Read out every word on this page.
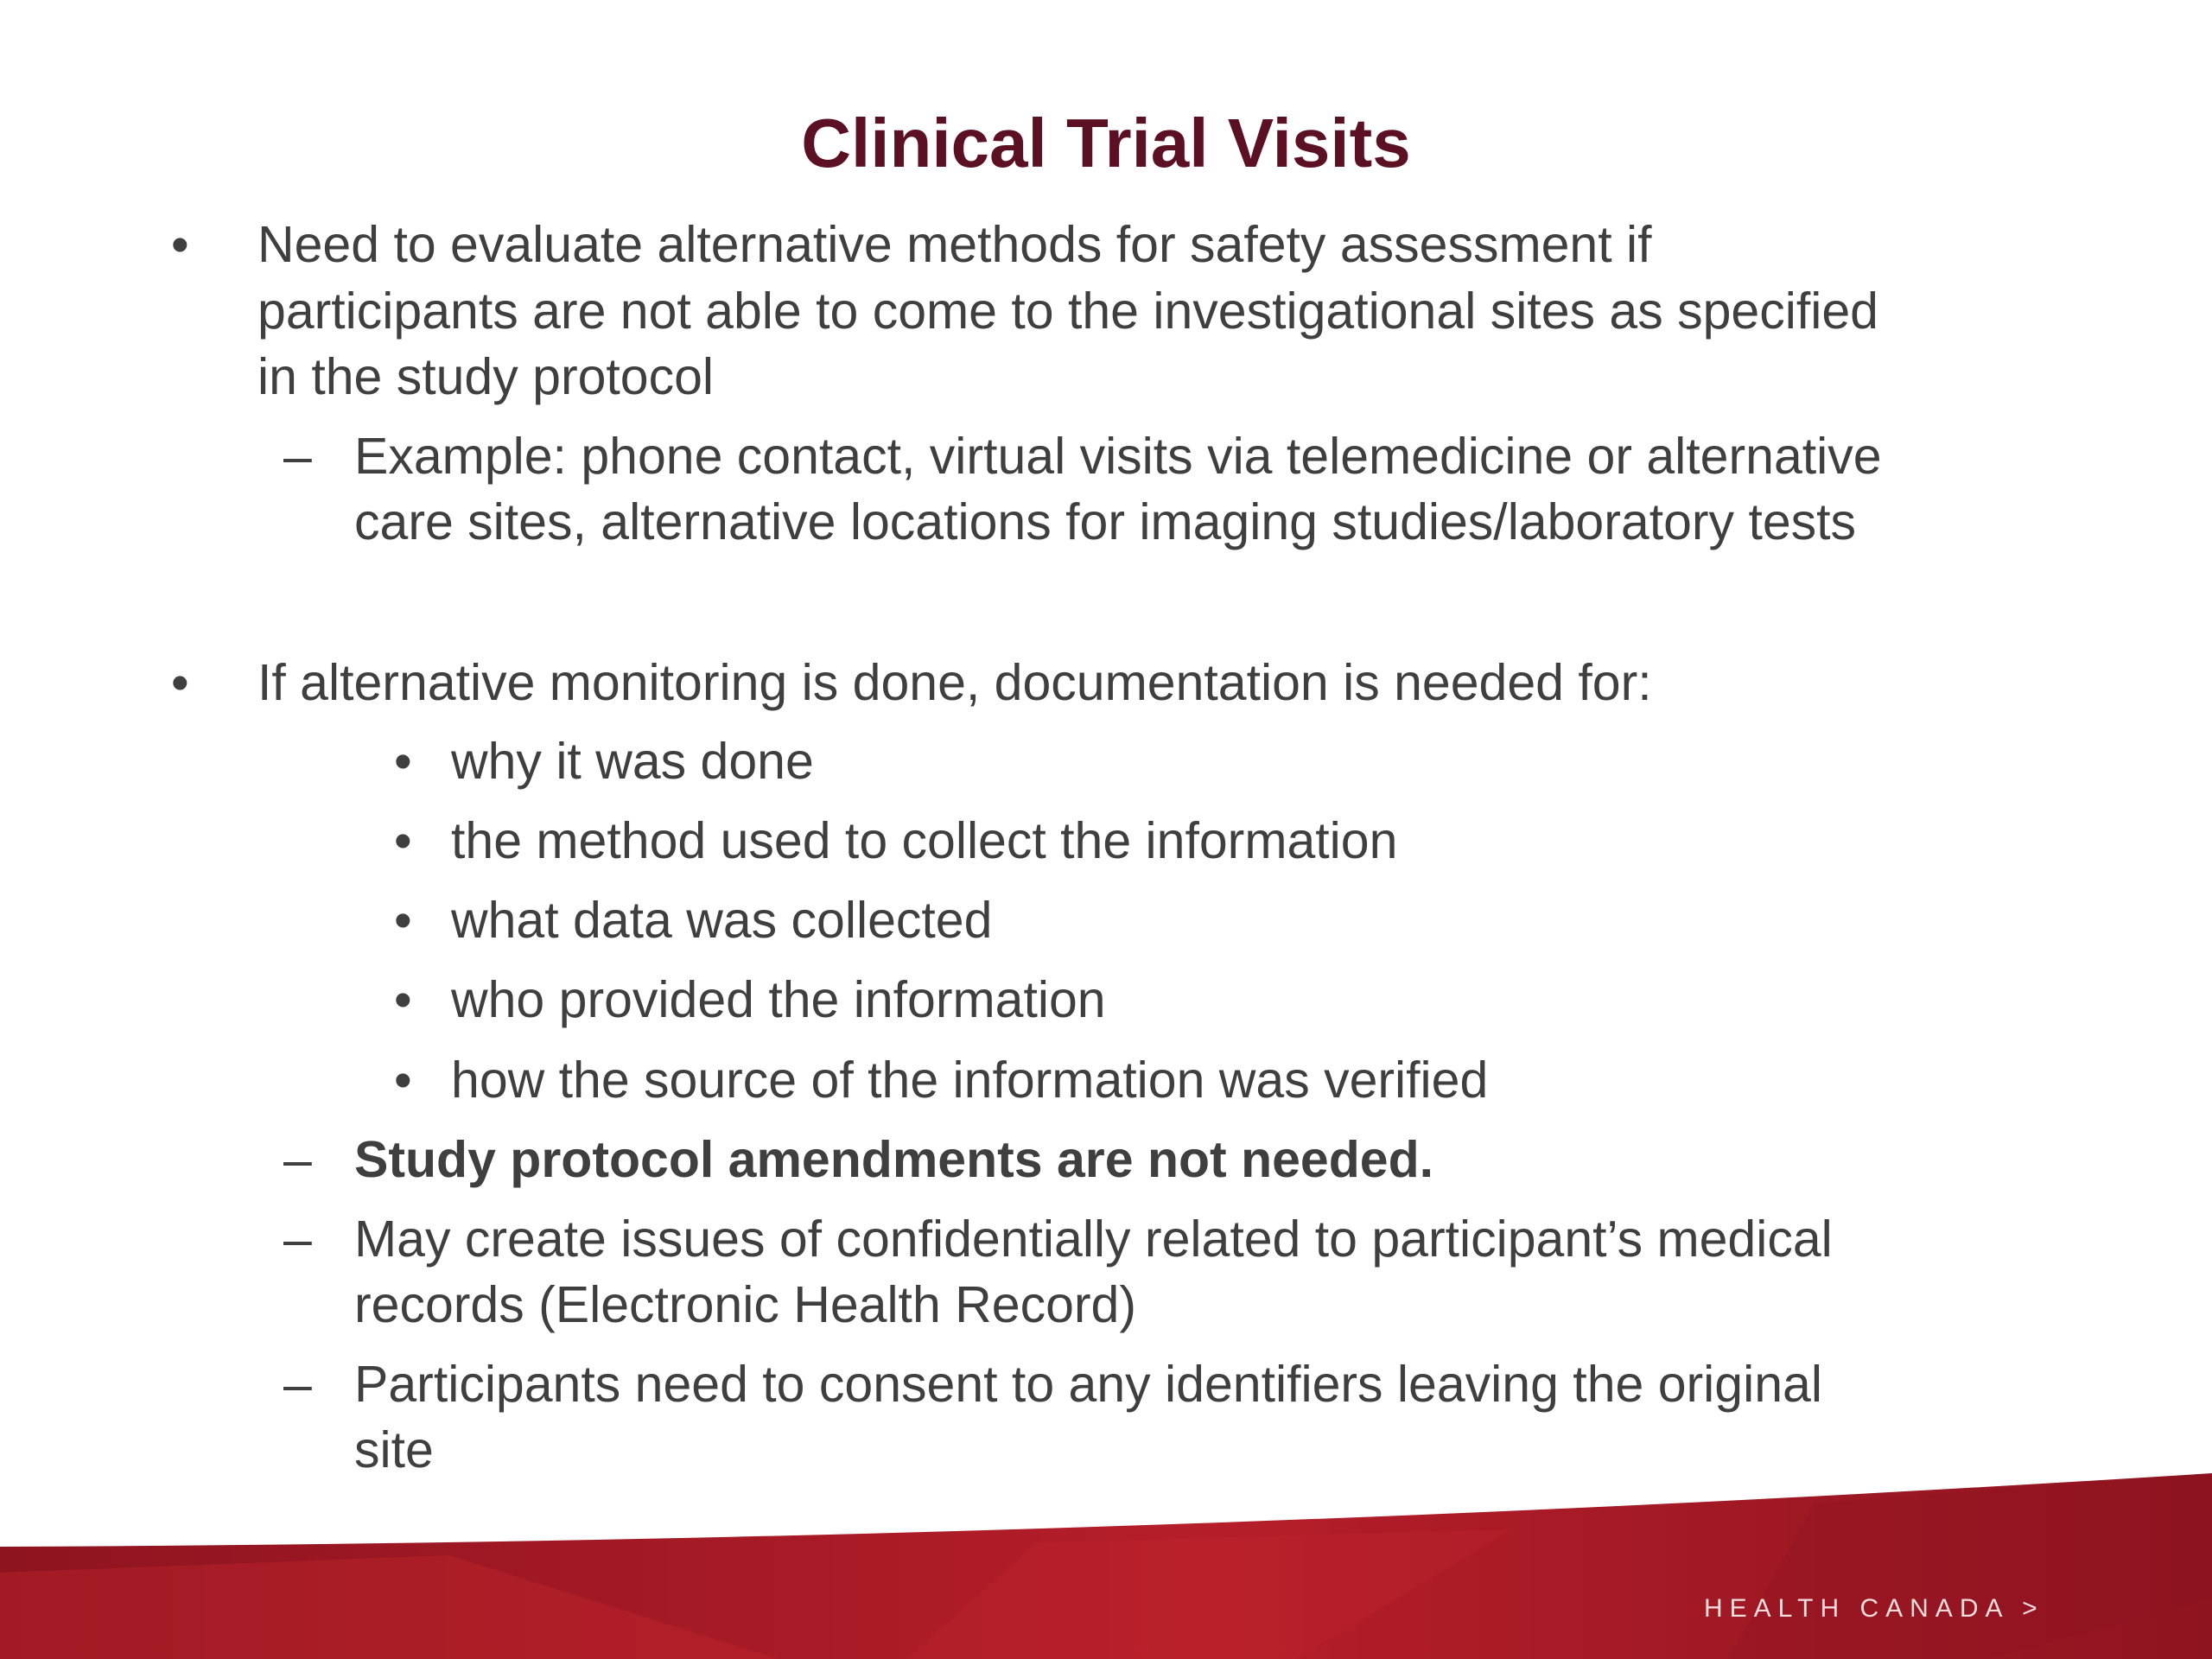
Clinical Trial Visits
• Need to evaluate alternative methods for safety assessment if
participants are not able to come to the investigational sites as specified
in the study protocol
– Example: phone contact, virtual visits via telemedicine or alternative
care sites, alternative locations for imaging studies/laboratory tests
• If alternative monitoring is done, documentation is needed for:
• why it was done
• the method used to collect the information
• what data was collected
• who provided the information
• how the source of the information was verified
– Study protocol amendments are not needed.
– May create issues of confidentially related to participant’s medical
records (Electronic Health Record)
– Participants need to consent to any identifiers leaving the original
site
HEALTH CANADA >
